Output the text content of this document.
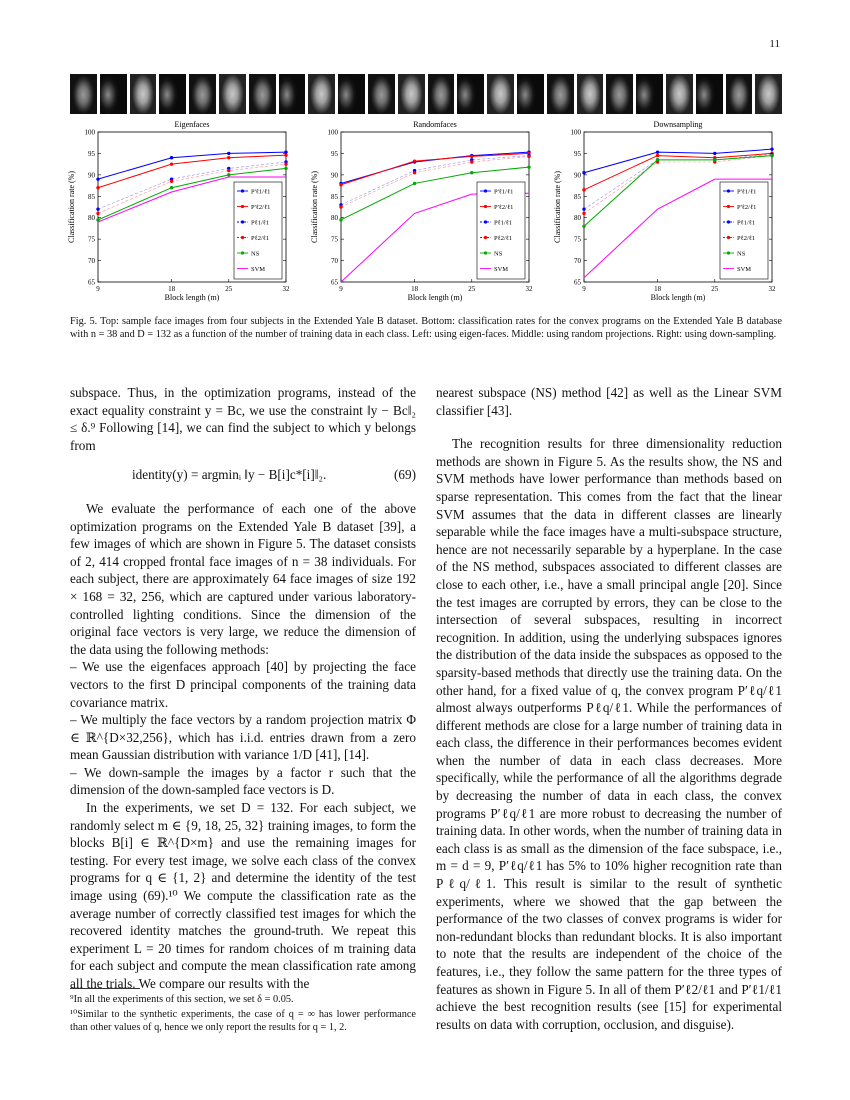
11
Eigenfaces
65
70
75
80
85
90
95
100
9	18	25	32
Block length (m)
Classification rate (%)	P'ℓ1/ℓ1
P'ℓ2/ℓ1
Pℓ1/ℓ1
Pℓ2/ℓ1
NS
SVM
Randomfaces
65
70
75
80
85
90
95
100
9	18	25	32
Block length (m)
Classification rate (%)	P'ℓ1/ℓ1
P'ℓ2/ℓ1
Pℓ1/ℓ1
Pℓ2/ℓ1
NS
SVM
Downsampling
65
70
75
80
85
90
95
100
9	18	25	32
Block length (m)
Classification rate (%)	P'ℓ1/ℓ1
P'ℓ2/ℓ1
Pℓ1/ℓ1
Pℓ2/ℓ1
NS
SVM
Fig. 5. Top: sample face images from four subjects in the Extended Yale B dataset. Bottom: classification rates for the convex programs on the Extended Yale B database with n = 38 and D = 132 as a function of the number of training data in each class. Left: using eigen-faces. Middle: using random projections. Right: using down-sampling.

subspace. Thus, in the optimization programs, instead of the exact equality constraint y = Bc, we use the constraint ‖y − Bc‖₂ ≤ δ.⁹ Following [14], we can find the subject to which y belongs from

identity(y) = argminᵢ ‖y − B[i]c*[i]‖₂.	(69)

We evaluate the performance of each one of the above optimization programs on the Extended Yale B dataset [39], a few images of which are shown in Figure 5. The dataset consists of 2, 414 cropped frontal face images of n = 38 individuals. For each subject, there are approximately 64 face images of size 192 × 168 = 32, 256, which are captured under various laboratory-controlled lighting conditions. Since the dimension of the original face vectors is very large, we reduce the dimension of the data using the following methods:

– We use the eigenfaces approach [40] by projecting the face vectors to the first D principal components of the training data covariance matrix.

– We multiply the face vectors by a random projection matrix Φ ∈ ℝ^{D×32,256}, which has i.i.d. entries drawn from a zero mean Gaussian distribution with variance 1/D [41], [14].

– We down-sample the images by a factor r such that the dimension of the down-sampled face vectors is D.

In the experiments, we set D = 132. For each subject, we randomly select m ∈ {9, 18, 25, 32} training images, to form the blocks B[i] ∈ ℝ^{D×m} and use the remaining images for testing. For every test image, we solve each class of the convex programs for q ∈ {1, 2} and determine the identity of the test image using (69).¹⁰ We compute the classification rate as the average number of correctly classified test images for which the recovered identity matches the ground-truth. We repeat this experiment L = 20 times for random choices of m training data for each subject and compute the mean classification rate among all the trials. We compare our results with the

nearest subspace (NS) method [42] as well as the Linear SVM classifier [43].

The recognition results for three dimensionality reduction methods are shown in Figure 5. As the results show, the NS and SVM methods have lower performance than methods based on sparse representation. This comes from the fact that the linear SVM assumes that the data in different classes are linearly separable while the face images have a multi-subspace structure, hence are not necessarily separable by a hyperplane. In the case of the NS method, subspaces associated to different classes are close to each other, i.e., have a small principal angle [20]. Since the test images are corrupted by errors, they can be close to the intersection of several subspaces, resulting in incorrect recognition. In addition, using the underlying subspaces ignores the distribution of the data inside the subspaces as opposed to the sparsity-based methods that directly use the training data. On the other hand, for a fixed value of q, the convex program P′ℓq/ℓ1 almost always outperforms Pℓq/ℓ1. While the performances of different methods are close for a large number of training data in each class, the difference in their performances becomes evident when the number of data in each class decreases. More specifically, while the performance of all the algorithms degrade by decreasing the number of data in each class, the convex programs P′ℓq/ℓ1 are more robust to decreasing the number of training data. In other words, when the number of training data in each class is as small as the dimension of the face subspace, i.e., m = d = 9, P′ℓq/ℓ1 has 5% to 10% higher recognition rate than Pℓq/ℓ1. This result is similar to the result of synthetic experiments, where we showed that the gap between the performance of the two classes of convex programs is wider for non-redundant blocks than redundant blocks. It is also important to note that the results are independent of the choice of the features, i.e., they follow the same pattern for the three types of features as shown in Figure 5. In all of them P′ℓ2/ℓ1 and P′ℓ1/ℓ1 achieve the best recognition results (see [15] for experimental results on data with corruption, occlusion, and disguise).

⁹In all the experiments of this section, we set δ = 0.05.

¹⁰Similar to the synthetic experiments, the case of q = ∞ has lower performance than other values of q, hence we only report the results for q = 1, 2.
